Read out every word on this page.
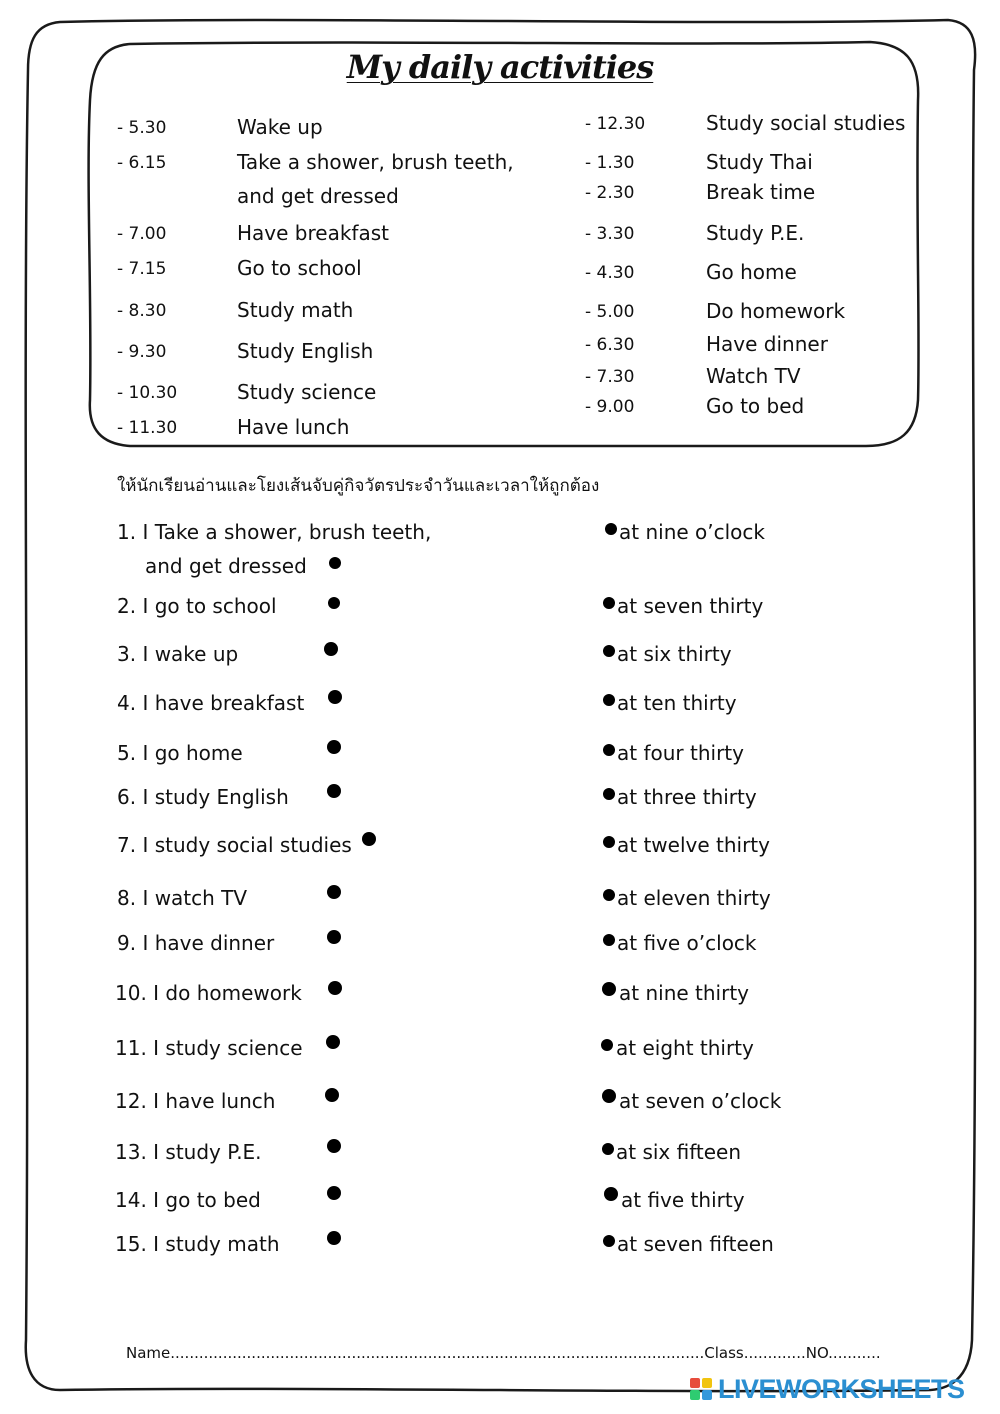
My daily activities
- 5.30	Wake up
- 6.15	Take a shower, brush teeth,
and get dressed
- 7.00	Have breakfast
- 7.15	Go to school
- 8.30	Study math
- 9.30	Study English
- 10.30	Study science
- 11.30	Have lunch
- 12.30	Study social studies
- 1.30	Study Thai
- 2.30	Break time
- 3.30	Study P.E.
- 4.30	Go home
- 5.00	Do homework
- 6.30	Have dinner
- 7.30	Watch TV
- 9.00	Go to bed
ให้นักเรียนอ่านและโยงเส้นจับคู่กิจวัตรประจำวันและเวลาให้ถูกต้อง
1. I Take a shower, brush teeth,
and get dressed
2. I go to school
3. I wake up
4. I have breakfast
5. I go home
6. I study English
7. I study social studies
8. I watch TV
9. I have dinner
10. I do homework
11. I study science
12. I have lunch
13. I study P.E.
14. I go to bed
15. I study math
at nine o’clock
at seven thirty
at six thirty
at ten thirty
at four thirty
at three thirty
at twelve thirty
at eleven thirty
at five o’clock
at nine thirty
at eight thirty
at seven o’clock
at six fifteen
at five thirty
at seven fifteen
Name................................................................................................................Class.............NO...........
LIVEWORKSHEETS
